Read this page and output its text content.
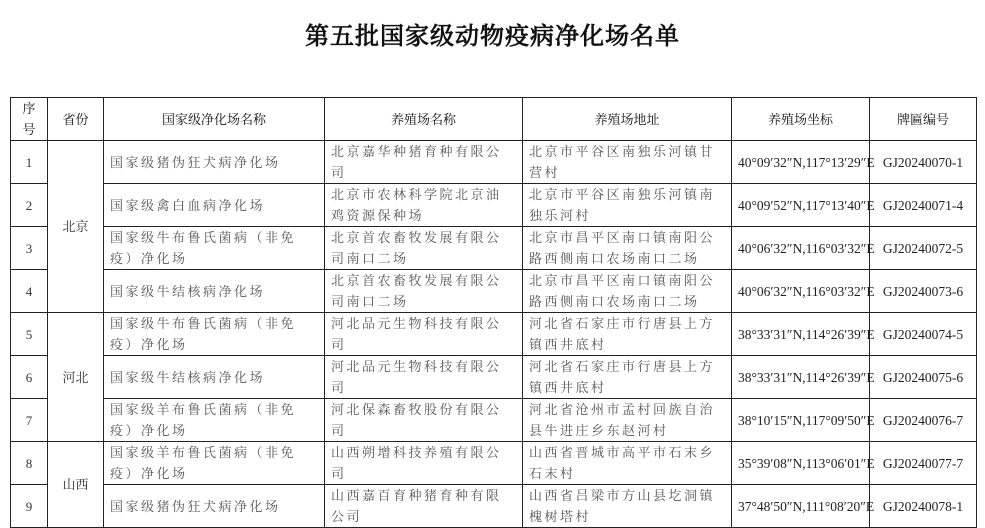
第五批国家级动物疫病净化场名单
序号	省份	国家级净化场名称	养殖场名称	养殖场地址	养殖场坐标	牌匾编号
1	北京	国家级猪伪狂犬病净化场	北京嘉华种猪育种有限公司	北京市平谷区南独乐河镇甘营村	40°09′32″N,117°13′29″E	GJ20240070-1
2		国家级禽白血病净化场	北京市农林科学院北京油鸡资源保种场	北京市平谷区南独乐河镇南独乐河村	40°09′52″N,117°13′40″E	GJ20240071-4
3		国家级牛布鲁氏菌病（非免疫）净化场	北京首农畜牧发展有限公司南口二场	北京市昌平区南口镇南阳公路西侧南口农场南口二场	40°06′32″N,116°03′32″E	GJ20240072-5
4		国家级牛结核病净化场	北京首农畜牧发展有限公司南口二场	北京市昌平区南口镇南阳公路西侧南口农场南口二场	40°06′32″N,116°03′32″E	GJ20240073-6
5	河北	国家级牛布鲁氏菌病（非免疫）净化场	河北品元生物科技有限公司	河北省石家庄市行唐县上方镇西井底村	38°33′31″N,114°26′39″E	GJ20240074-5
6		国家级牛结核病净化场	河北品元生物科技有限公司	河北省石家庄市行唐县上方镇西井底村	38°33′31″N,114°26′39″E	GJ20240075-6
7		国家级羊布鲁氏菌病（非免疫）净化场	河北保森畜牧股份有限公司	河北省沧州市孟村回族自治县牛进庄乡东赵河村	38°10′15″N,117°09′50″E	GJ20240076-7
8	山西	国家级羊布鲁氏菌病（非免疫）净化场	山西朔增科技养殖有限公司	山西省晋城市高平市石末乡石末村	35°39′08″N,113°06′01″E	GJ20240077-7
9		国家级猪伪狂犬病净化场	山西嘉百育种猪育种有限公司	山西省吕梁市方山县圪洞镇槐树塔村	37°48′50″N,111°08′20″E	GJ20240078-1
